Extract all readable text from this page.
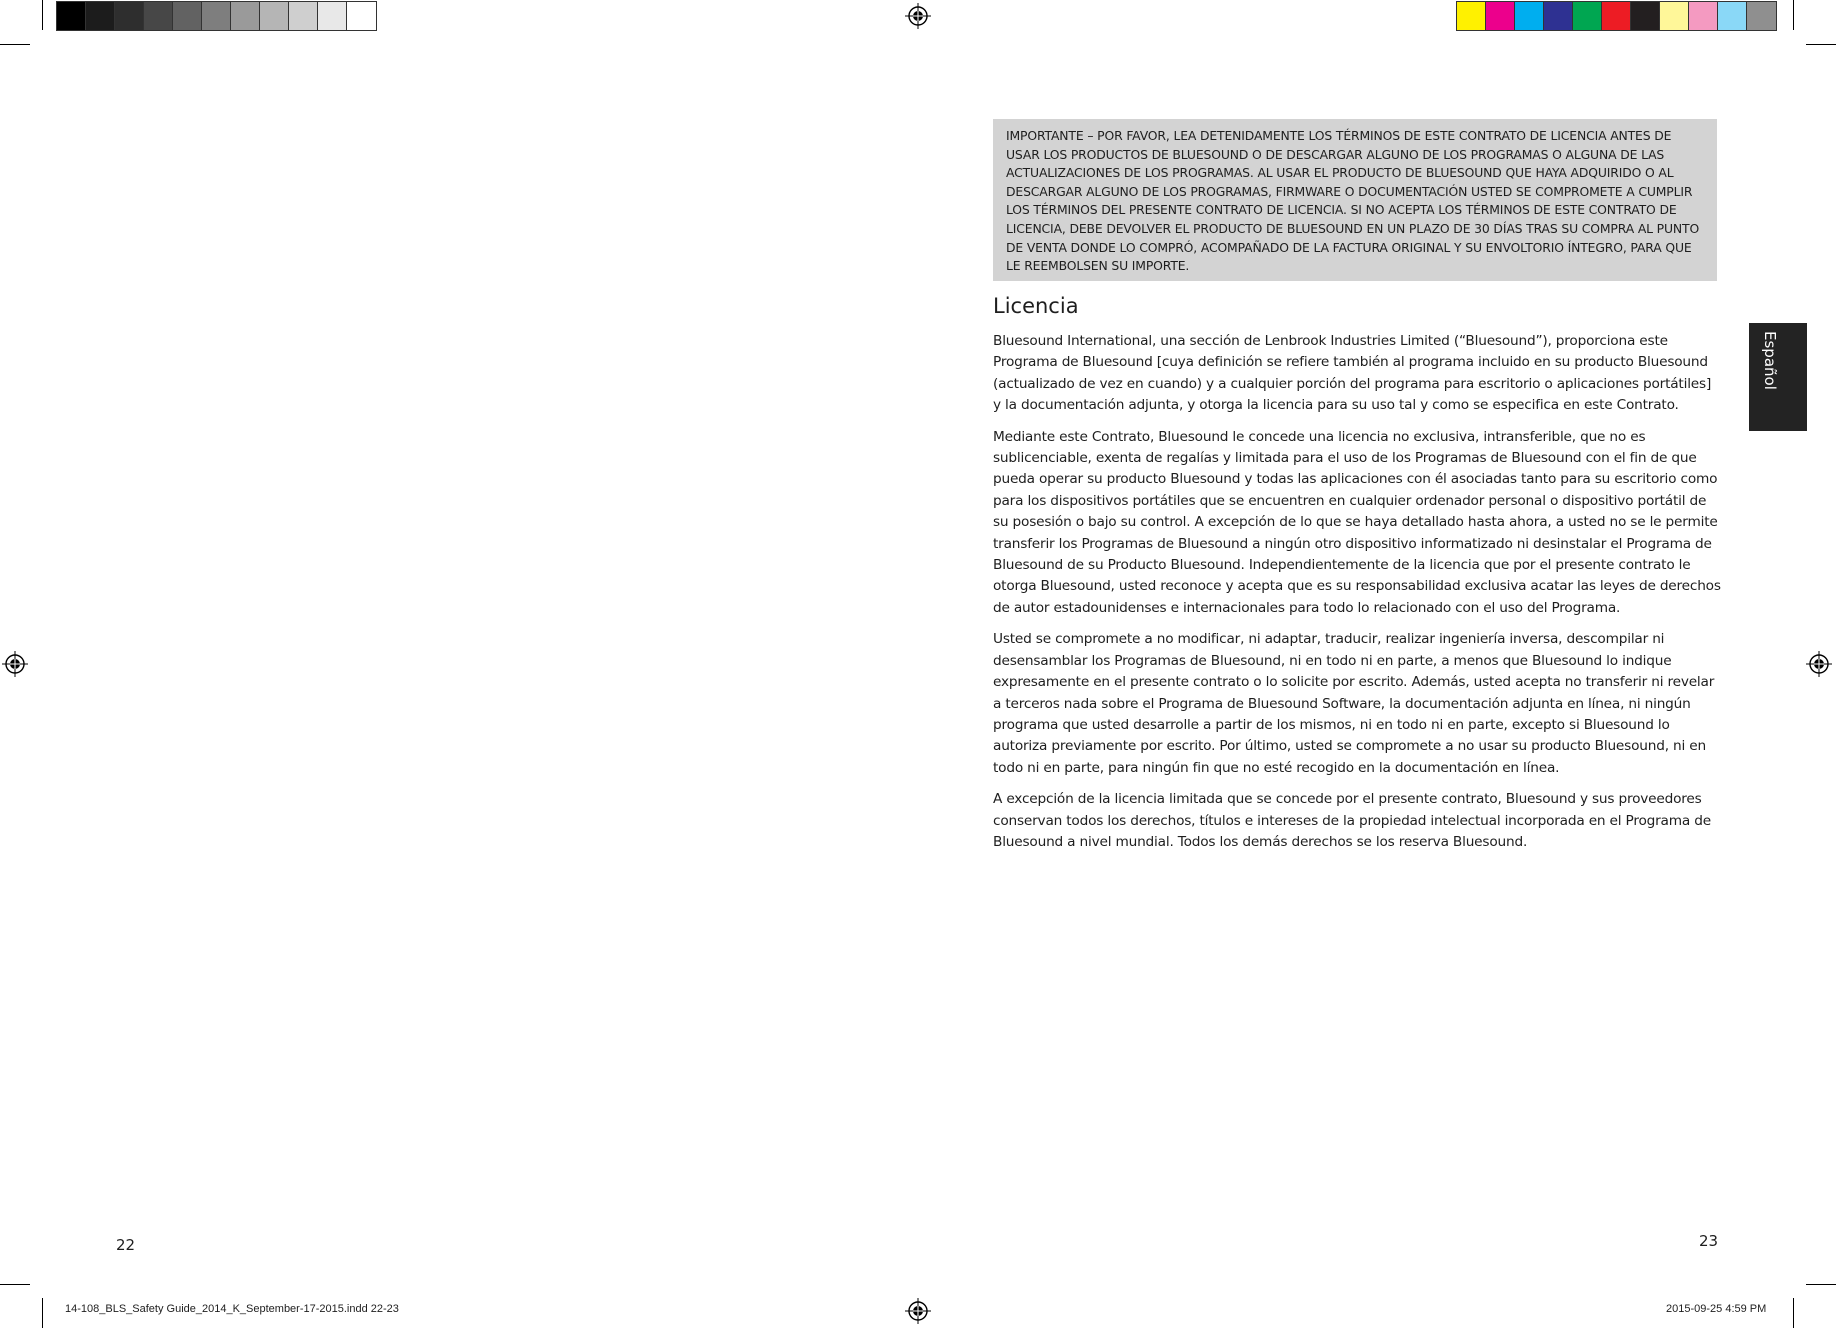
IMPORTANTE – POR FAVOR, LEA DETENIDAMENTE LOS TÉRMINOS DE ESTE CONTRATO DE LICENCIA ANTES DE USAR LOS PRODUCTOS DE BLUESOUND O DE DESCARGAR ALGUNO DE LOS PROGRAMAS O ALGUNA DE LAS ACTUALIZACIONES DE LOS PROGRAMAS. AL USAR EL PRODUCTO DE BLUESOUND QUE HAYA ADQUIRIDO O AL DESCARGAR ALGUNO DE LOS PROGRAMAS, FIRMWARE O DOCUMENTACIÓN USTED SE COMPROMETE A CUMPLIR LOS TÉRMINOS DEL PRESENTE CONTRATO DE LICENCIA. SI NO ACEPTA LOS TÉRMINOS DE ESTE CONTRATO DE LICENCIA, DEBE DEVOLVER EL PRODUCTO DE BLUESOUND EN UN PLAZO DE 30 DÍAS TRAS SU COMPRA AL PUNTO DE VENTA DONDE LO COMPRÓ, ACOMPAÑADO DE LA FACTURA ORIGINAL Y SU ENVOLTORIO ÍNTEGRO, PARA QUE LE REEMBOLSEN SU IMPORTE.
Licencia

Bluesound International, una sección de Lenbrook Industries Limited (“Bluesound”), proporciona este Programa de Bluesound [cuya definición se refiere también al programa incluido en su producto Bluesound (actualizado de vez en cuando) y a cualquier porción del programa para escritorio o aplicaciones portátiles] y la documentación adjunta, y otorga la licencia para su uso tal y como se especifica en este Contrato.

Mediante este Contrato, Bluesound le concede una licencia no exclusiva, intransferible, que no es sublicenciable, exenta de regalías y limitada para el uso de los Programas de Bluesound con el fin de que pueda operar su producto Bluesound y todas las aplicaciones con él asociadas tanto para su escritorio como para los dispositivos portátiles que se encuentren en cualquier ordenador personal o dispositivo portátil de su posesión o bajo su control. A excepción de lo que se haya detallado hasta ahora, a usted no se le permite transferir los Programas de Bluesound a ningún otro dispositivo informatizado ni desinstalar el Programa de Bluesound de su Producto Bluesound. Independientemente de la licencia que por el presente contrato le otorga Bluesound, usted reconoce y acepta que es su responsabilidad exclusiva acatar las leyes de derechos de autor estadounidenses e internacionales para todo lo relacionado con el uso del Programa.

Usted se compromete a no modificar, ni adaptar, traducir, realizar ingeniería inversa, descompilar ni desensamblar los Programas de Bluesound, ni en todo ni en parte, a menos que Bluesound lo indique expresamente en el presente contrato o lo solicite por escrito. Además, usted acepta no transferir ni revelar a terceros nada sobre el Programa de Bluesound Software, la documentación adjunta en línea, ni ningún programa que usted desarrolle a partir de los mismos, ni en todo ni en parte, excepto si Bluesound lo autoriza previamente por escrito. Por último, usted se compromete a no usar su producto Bluesound, ni en todo ni en parte, para ningún fin que no esté recogido en la documentación en línea.

A excepción de la licencia limitada que se concede por el presente contrato, Bluesound y sus proveedores conservan todos los derechos, títulos e intereses de la propiedad intelectual incorporada en el Programa de Bluesound a nivel mundial. Todos los demás derechos se los reserva Bluesound.

Español
22	23
14-108_BLS_Safety Guide_2014_K_September-17-2015.indd 22-23	2015-09-25 4:59 PM
